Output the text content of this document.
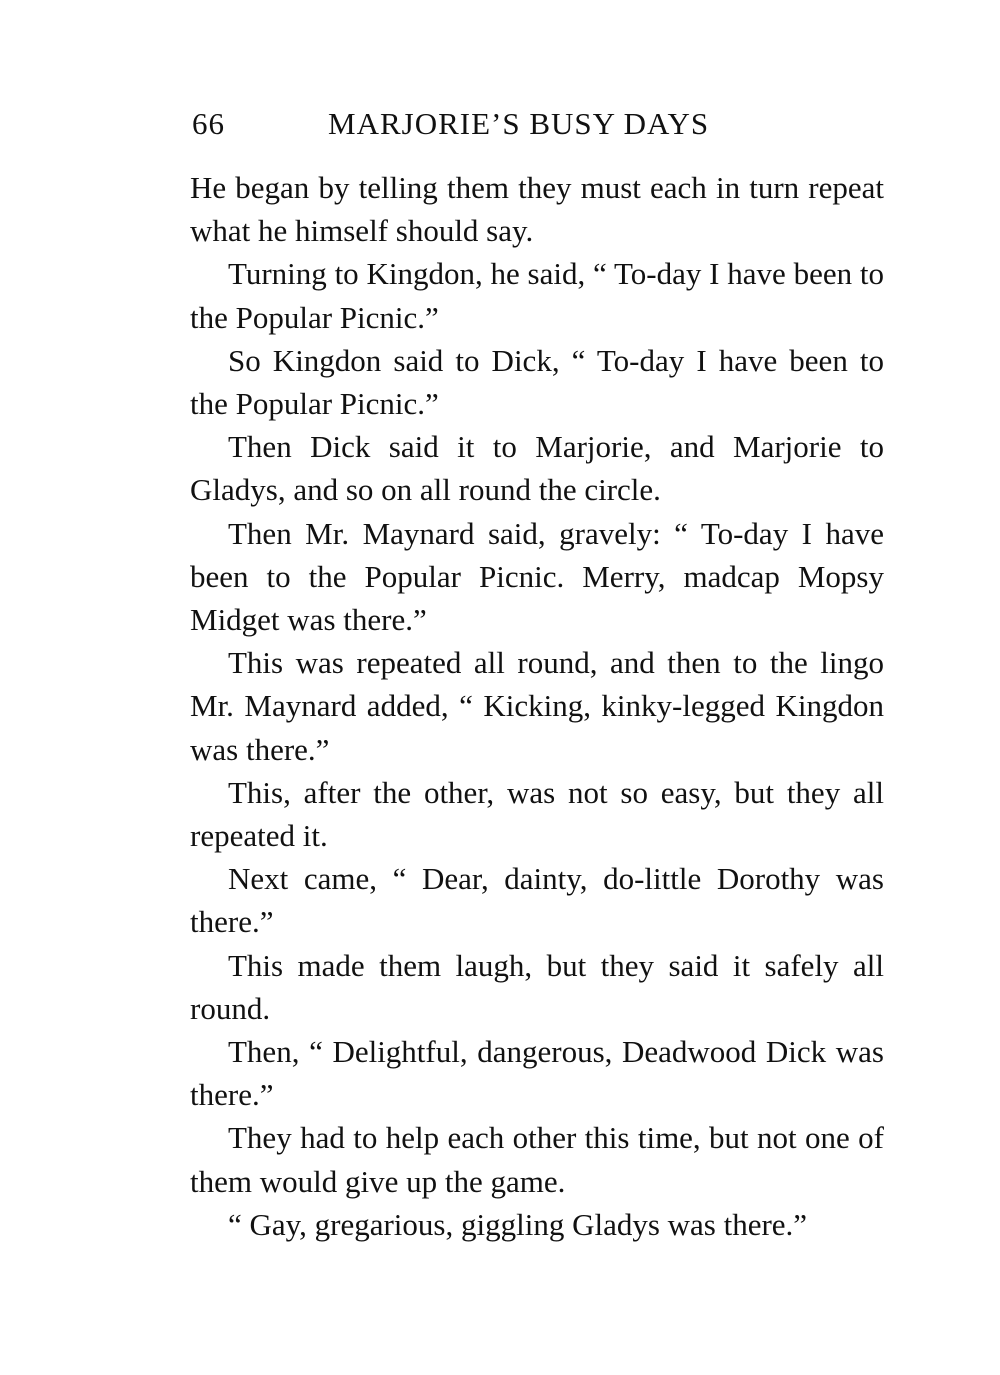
66	MARJORIE’S BUSY DAYS

He began by telling them they must each in turn repeat what he himself should say.

Turning to Kingdon, he said, “ To-day I have been to the Popular Picnic.”

So Kingdon said to Dick, “ To-day I have been to the Popular Picnic.”

Then Dick said it to Marjorie, and Marjorie to Gladys, and so on all round the circle.

Then Mr. Maynard said, gravely: “ To-day I have been to the Popular Picnic. Merry, madcap Mopsy Midget was there.”

This was repeated all round, and then to the lingo Mr. Maynard added, “ Kicking, kinky-legged Kingdon was there.”

This, after the other, was not so easy, but they all repeated it.

Next came, “ Dear, dainty, do-little Dorothy was there.”

This made them laugh, but they said it safely all round.

Then, “ Delightful, dangerous, Deadwood Dick was there.”

They had to help each other this time, but not one of them would give up the game.

“ Gay, gregarious, giggling Gladys was there.”
